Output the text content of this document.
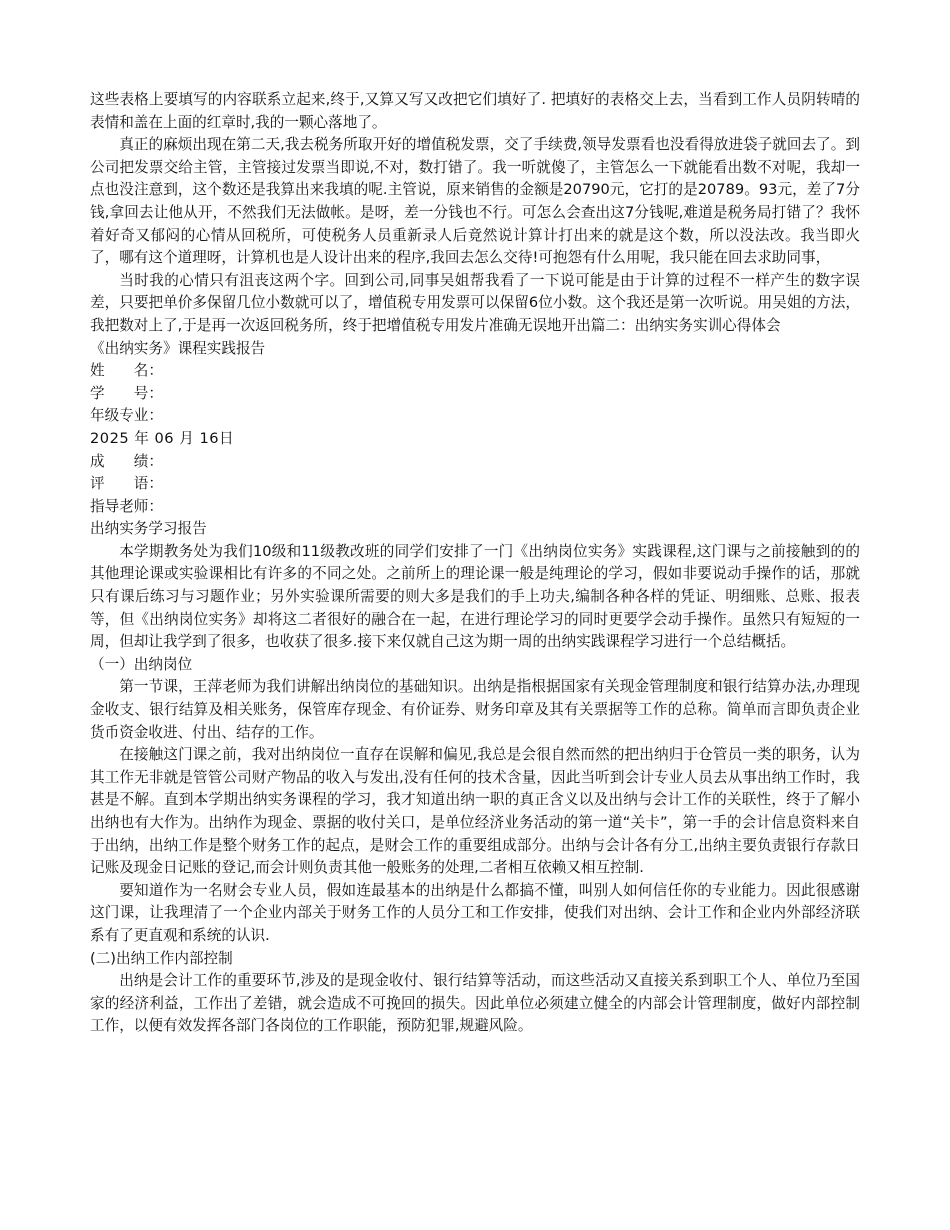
这些表格上要填写的内容联系立起来,终于,又算又写又改把它们填好了. 把填好的表格交上去，当看到工作人员阴转晴的表情和盖在上面的红章时,我的一颗心落地了。

真正的麻烦出现在第二天,我去税务所取开好的增值税发票，交了手续费,领导发票看也没看得放进袋子就回去了。到公司把发票交给主管，主管接过发票当即说,不对，数打错了。我一听就傻了，主管怎么一下就能看出数不对呢，我却一点也没注意到，这个数还是我算出来我填的呢.主管说，原来销售的金额是20790元，它打的是20789。93元，差了7分钱,拿回去让他从开，不然我们无法做帐。是呀，差一分钱也不行。可怎么会查出这7分钱呢,难道是税务局打错了？我怀着好奇又郁闷的心情从回税所，可使税务人员重新录人后竟然说计算计打出来的就是这个数，所以没法改。我当即火了，哪有这个道理呀，计算机也是人设计出来的程序,我回去怎么交待!可抱怨有什么用呢，我只能在回去求助同事，

当时我的心情只有沮丧这两个字。回到公司,同事吴姐帮我看了一下说可能是由于计算的过程不一样产生的数字误差，只要把单价多保留几位小数就可以了，增值税专用发票可以保留6位小数。这个我还是第一次听说。用吴姐的方法，我把数对上了,于是再一次返回税务所，终于把增值税专用发片准确无误地开出篇二：出纳实务实训心得体会

《出纳实务》课程实践报告

姓　　名：

学　　号：

年级专业：

2025 年 06 月 16日

成　　绩：

评　　语：

指导老师：

出纳实务学习报告

本学期教务处为我们10级和11级教改班的同学们安排了一门《出纳岗位实务》实践课程,这门课与之前接触到的的其他理论课或实验课相比有许多的不同之处。之前所上的理论课一般是纯理论的学习，假如非要说动手操作的话，那就只有课后练习与习题作业；另外实验课所需要的则大多是我们的手上功夫,编制各种各样的凭证、明细账、总账、报表等，但《出纳岗位实务》却将这二者很好的融合在一起，在进行理论学习的同时更要学会动手操作。虽然只有短短的一周，但却让我学到了很多，也收获了很多.接下来仅就自己这为期一周的出纳实践课程学习进行一个总结概括。

（一）出纳岗位

第一节课，王萍老师为我们讲解出纳岗位的基础知识。出纳是指根据国家有关现金管理制度和银行结算办法,办理现金收支、银行结算及相关账务，保管库存现金、有价证券、财务印章及其有关票据等工作的总称。简单而言即负责企业货币资金收进、付出、结存的工作。

在接触这门课之前，我对出纳岗位一直存在误解和偏见,我总是会很自然而然的把出纳归于仓管员一类的职务，认为其工作无非就是管管公司财产物品的收入与发出,没有任何的技术含量，因此当听到会计专业人员去从事出纳工作时，我甚是不解。直到本学期出纳实务课程的学习，我才知道出纳一职的真正含义以及出纳与会计工作的关联性，终于了解小出纳也有大作为。出纳作为现金、票据的收付关口，是单位经济业务活动的第一道“关卡”，第一手的会计信息资料来自于出纳，出纳工作是整个财务工作的起点，是财会工作的重要组成部分。出纳与会计各有分工,出纳主要负责银行存款日记账及现金日记账的登记,而会计则负责其他一般账务的处理,二者相互依赖又相互控制.

要知道作为一名财会专业人员，假如连最基本的出纳是什么都搞不懂，叫别人如何信任你的专业能力。因此很感谢这门课，让我理清了一个企业内部关于财务工作的人员分工和工作安排，使我们对出纳、会计工作和企业内外部经济联系有了更直观和系统的认识.

(二)出纳工作内部控制

出纳是会计工作的重要环节,涉及的是现金收付、银行结算等活动，而这些活动又直接关系到职工个人、单位乃至国家的经济利益，工作出了差错，就会造成不可挽回的损失。因此单位必须建立健全的内部会计管理制度，做好内部控制工作，以便有效发挥各部门各岗位的工作职能，预防犯罪,规避风险。
